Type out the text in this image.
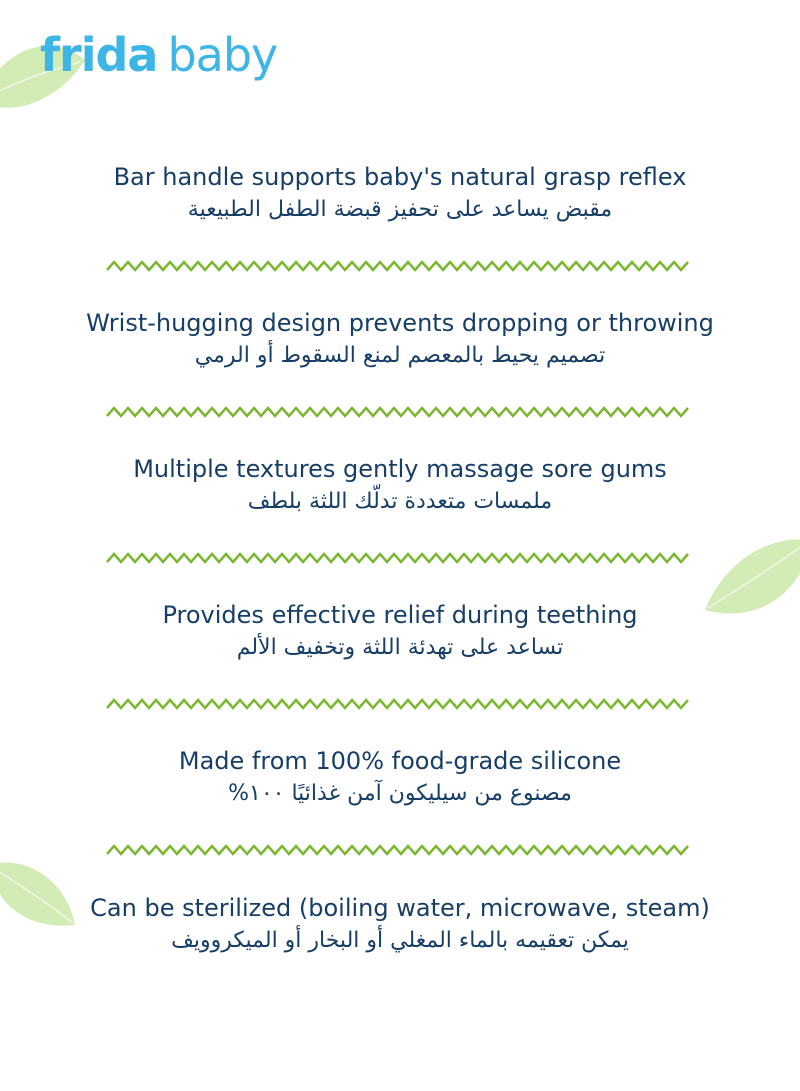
frida baby
Bar handle supports baby's natural grasp reflex
مقبض يساعد على تحفيز قبضة الطفل الطبيعية
Wrist-hugging design prevents dropping or throwing
تصميم يحيط بالمعصم لمنع السقوط أو الرمي
Multiple textures gently massage sore gums
ملمسات متعددة تدلّك اللثة بلطف
Provides effective relief during teething
تساعد على تهدئة اللثة وتخفيف الألم
Made from 100% food-grade silicone
مصنوع من سيليكون آمن غذائيًا ١٠٠%
Can be sterilized (boiling water, microwave, steam)
يمكن تعقيمه بالماء المغلي أو البخار أو الميكروويف
